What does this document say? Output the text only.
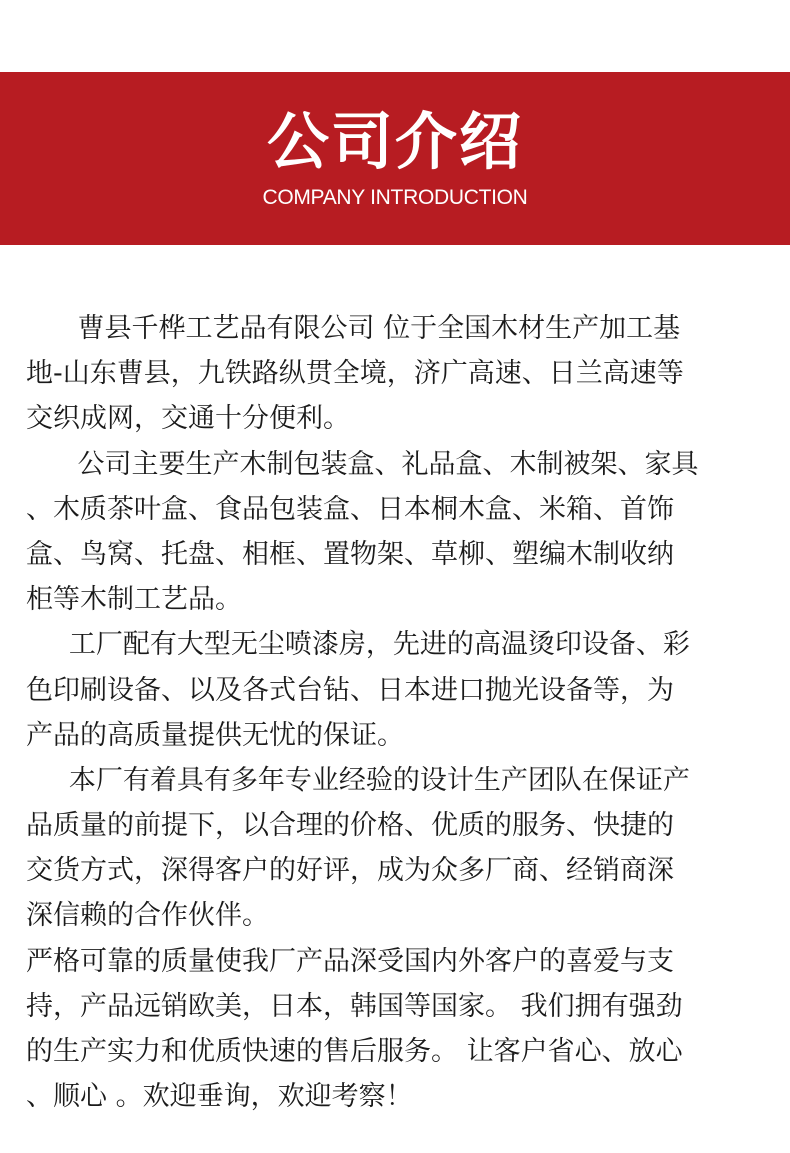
公司介绍
COMPANY INTRODUCTION
曹县千桦工艺品有限公司 位于全国木材生产加工基
地-山东曹县，九铁路纵贯全境，济广高速、日兰高速等
交织成网，交通十分便利。
公司主要生产木制包装盒、礼品盒、木制被架、家具
、木质茶叶盒、食品包装盒、日本桐木盒、米箱、首饰
盒、鸟窝、托盘、相框、置物架、草柳、塑编木制收纳
柜等木制工艺品。
工厂配有大型无尘喷漆房，先进的高温烫印设备、彩
色印刷设备、以及各式台钻、日本进口抛光设备等，为
产品的高质量提供无忧的保证。
本厂有着具有多年专业经验的设计生产团队在保证产
品质量的前提下，以合理的价格、优质的服务、快捷的
交货方式，深得客户的好评，成为众多厂商、经销商深
深信赖的合作伙伴。
严格可靠的质量使我厂产品深受国内外客户的喜爱与支
持，产品远销欧美，日本，韩国等国家。 我们拥有强劲
的生产实力和优质快速的售后服务。 让客户省心、放心
、顺心 。欢迎垂询，欢迎考察！
